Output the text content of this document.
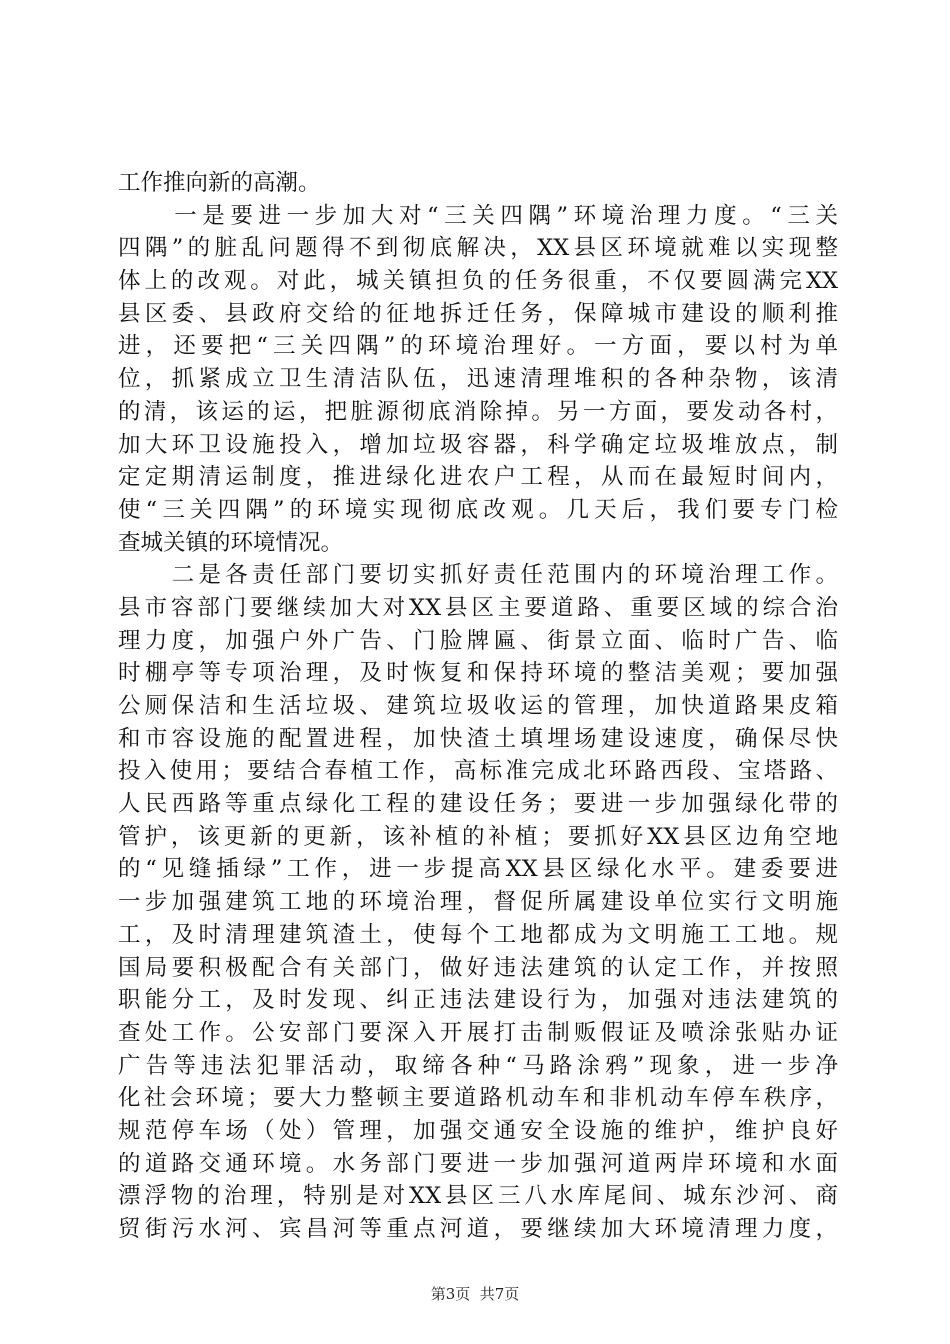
工作推向新的高潮。
　　一是要进一步加大对“三关四隅”环境治理力度。“三关
四隅”的脏乱问题得不到彻底解决，XX县区环境就难以实现整
体上的改观。对此，城关镇担负的任务很重，不仅要圆满完XX
县区委、县政府交给的征地拆迁任务，保障城市建设的顺利推
进，还要把“三关四隅”的环境治理好。一方面，要以村为单
位，抓紧成立卫生清洁队伍，迅速清理堆积的各种杂物，该清
的清，该运的运，把脏源彻底消除掉。另一方面，要发动各村，
加大环卫设施投入，增加垃圾容器，科学确定垃圾堆放点，制
定定期清运制度，推进绿化进农户工程，从而在最短时间内，
使“三关四隅”的环境实现彻底改观。几天后，我们要专门检
查城关镇的环境情况。
　　二是各责任部门要切实抓好责任范围内的环境治理工作。
县市容部门要继续加大对XX县区主要道路、重要区域的综合治
理力度，加强户外广告、门脸牌匾、街景立面、临时广告、临
时棚亭等专项治理，及时恢复和保持环境的整洁美观；要加强
公厕保洁和生活垃圾、建筑垃圾收运的管理，加快道路果皮箱
和市容设施的配置进程，加快渣土填埋场建设速度，确保尽快
投入使用；要结合春植工作，高标准完成北环路西段、宝塔路、
人民西路等重点绿化工程的建设任务；要进一步加强绿化带的
管护，该更新的更新，该补植的补植；要抓好XX县区边角空地
的“见缝插绿”工作，进一步提高XX县区绿化水平。建委要进
一步加强建筑工地的环境治理，督促所属建设单位实行文明施
工，及时清理建筑渣土，使每个工地都成为文明施工工地。规
国局要积极配合有关部门，做好违法建筑的认定工作，并按照
职能分工，及时发现、纠正违法建设行为，加强对违法建筑的
查处工作。公安部门要深入开展打击制贩假证及喷涂张贴办证
广告等违法犯罪活动，取缔各种“马路涂鸦”现象，进一步净
化社会环境；要大力整顿主要道路机动车和非机动车停车秩序，
规范停车场（处）管理，加强交通安全设施的维护，维护良好
的道路交通环境。水务部门要进一步加强河道两岸环境和水面
漂浮物的治理，特别是对XX县区三八水库尾间、城东沙河、商
贸街污水河、宾昌河等重点河道，要继续加大环境清理力度，
第3页  共7页
